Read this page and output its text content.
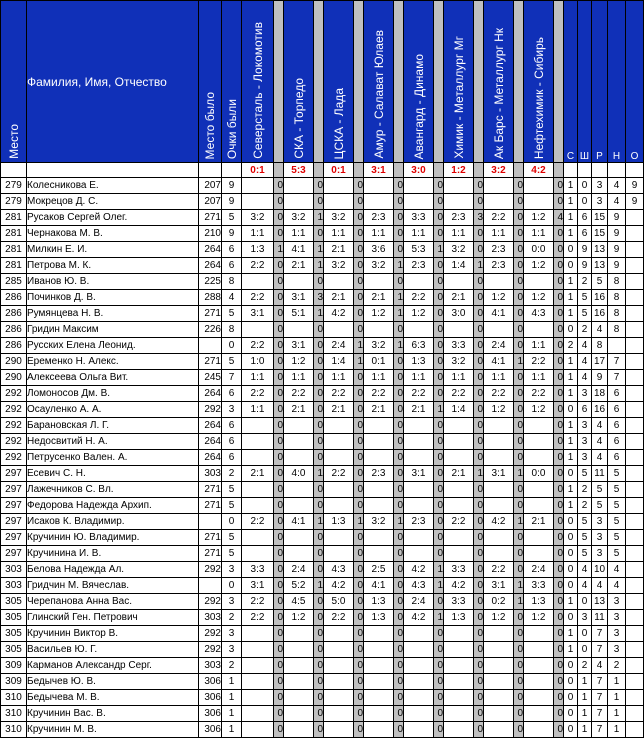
Место	Фамилия, Имя, Отчество	Место было	Очки были	Северсталь - Локомотив		СКА - Торпедо		ЦСКА - Лада		Амур - Салават Юлаев		Авангард - Динамо		Химик - Металлург Мг		Ак Барс - Металлург Нк		Нефтехимик - Сибирь		С	Ш	Р	Н	О
				0:1		5:3		0:1		3:1		3:0		1:2		3:2		4:2						
279	Колесникова Е.	207	9		0		0		0		0		0		0		0		0	1	0	3	4	9
279	Мокрецов Д. С.	207	9		0		0		0		0		0		0		0		0	1	0	3	4	9
281	Русаков Сергей Олег.	271	5	3:2	0	3:2	1	3:2	0	2:3	0	3:3	0	2:3	3	2:2	0	1:2	4	1	6	15	9	
281	Чернакова М. В.	210	9	1:1	0	1:1	0	1:1	0	1:1	0	1:1	0	1:1	0	1:1	0	1:1	0	1	6	15	9	
281	Милкин Е. И.	264	6	1:3	1	4:1	1	2:1	0	3:6	0	5:3	1	3:2	0	2:3	0	0:0	0	0	9	13	9	
281	Петрова М. К.	264	6	2:2	0	2:1	1	3:2	0	3:2	1	2:3	0	1:4	1	2:3	0	1:2	0	0	9	13	9	
285	Иванов Ю. В.	225	8		0		0		0		0		0		0		0		0	1	2	5	8	
286	Починков Д. В.	288	4	2:2	0	3:1	3	2:1	0	2:1	1	2:2	0	2:1	0	1:2	0	1:2	0	1	5	16	8	
286	Румянцева Н. В.	271	5	3:1	0	5:1	1	4:2	0	1:2	1	1:2	0	3:0	0	4:1	0	4:3	0	1	5	16	8	
286	Гридин Максим	226	8		0		0		0		0		0		0		0		0	0	2	4	8	
286	Русских Елена Леонид.		0	2:2	0	3:1	0	2:4	1	3:2	1	6:3	0	3:3	0	2:4	0	1:1	0	2	4	8		
290	Еременко Н. Алекс.	271	5	1:0	0	1:2	0	1:4	1	0:1	0	1:3	0	3:2	0	4:1	1	2:2	0	1	4	17	7	
290	Алексеева Ольга Вит.	245	7	1:1	0	1:1	0	1:1	0	1:1	0	1:1	0	1:1	0	1:1	0	1:1	0	1	4	9	7	
292	Ломоносов Дм. В.	264	6	2:2	0	2:2	0	2:2	0	2:2	0	2:2	0	2:2	0	2:2	0	2:2	0	1	3	18	6	
292	Осауленко А. А.	292	3	1:1	0	2:1	0	2:1	0	2:1	0	2:1	1	1:4	0	1:2	0	1:2	0	0	6	16	6	
292	Барановская Л. Г.	264	6		0		0		0		0		0		0		0		0	1	3	4	6	
292	Недосвитий Н. А.	264	6		0		0		0		0		0		0		0		0	1	3	4	6	
292	Петрусенко Вален. А.	264	6		0		0		0		0		0		0		0		0	1	3	4	6	
297	Есевич С. Н.	303	2	2:1	0	4:0	1	2:2	0	2:3	0	3:1	0	2:1	1	3:1	1	0:0	0	0	5	11	5	
297	Лажечников С. Вл.	271	5		0		0		0		0		0		0		0		0	1	2	5	5	
297	Федорова Надежда Архип.	271	5		0		0		0		0		0		0		0		0	1	2	5	5	
297	Исаков К. Владимир.		0	2:2	0	4:1	1	1:3	1	3:2	1	2:3	0	2:2	0	4:2	1	2:1	0	0	5	3	5	
297	Кручинин Ю. Владимир.	271	5		0		0		0		0		0		0		0		0	0	5	3	5	
297	Кручинина И. В.	271	5		0		0		0		0		0		0		0		0	0	5	3	5	
303	Белова Надежда Ал.	292	3	3:3	0	2:4	0	4:3	0	2:5	0	4:2	1	3:3	0	2:2	0	2:4	0	0	4	10	4	
303	Гридчин М. Вячеслав.		0	3:1	0	5:2	1	4:2	0	4:1	0	4:3	1	4:2	0	3:1	1	3:3	0	0	4	4	4	
305	Черепанова Анна Вас.	292	3	2:2	0	4:5	0	5:0	0	1:3	0	2:4	0	3:3	0	0:2	1	1:3	0	1	0	13	3	
305	Глинский Ген. Петрович	303	2	2:2	0	1:2	0	2:2	0	1:3	0	4:2	1	1:3	0	1:2	0	1:2	0	0	3	11	3	
305	Кручинин Виктор В.	292	3		0		0		0		0		0		0		0		0	1	0	7	3	
305	Васильев Ю. Г.	292	3		0		0		0		0		0		0		0		0	1	0	7	3	
309	Карманов Александр Серг.	303	2		0		0		0		0		0		0		0		0	0	2	4	2	
309	Бедычев Ю. В.	306	1		0		0		0		0		0		0		0		0	0	1	7	1	
310	Бедычева М. В.	306	1		0		0		0		0		0		0		0		0	0	1	7	1	
310	Кручинин Вас. В.	306	1		0		0		0		0		0		0		0		0	0	1	7	1	
310	Кручинин М. В.	306	1		0		0		0		0		0		0		0		0	0	1	7	1	
